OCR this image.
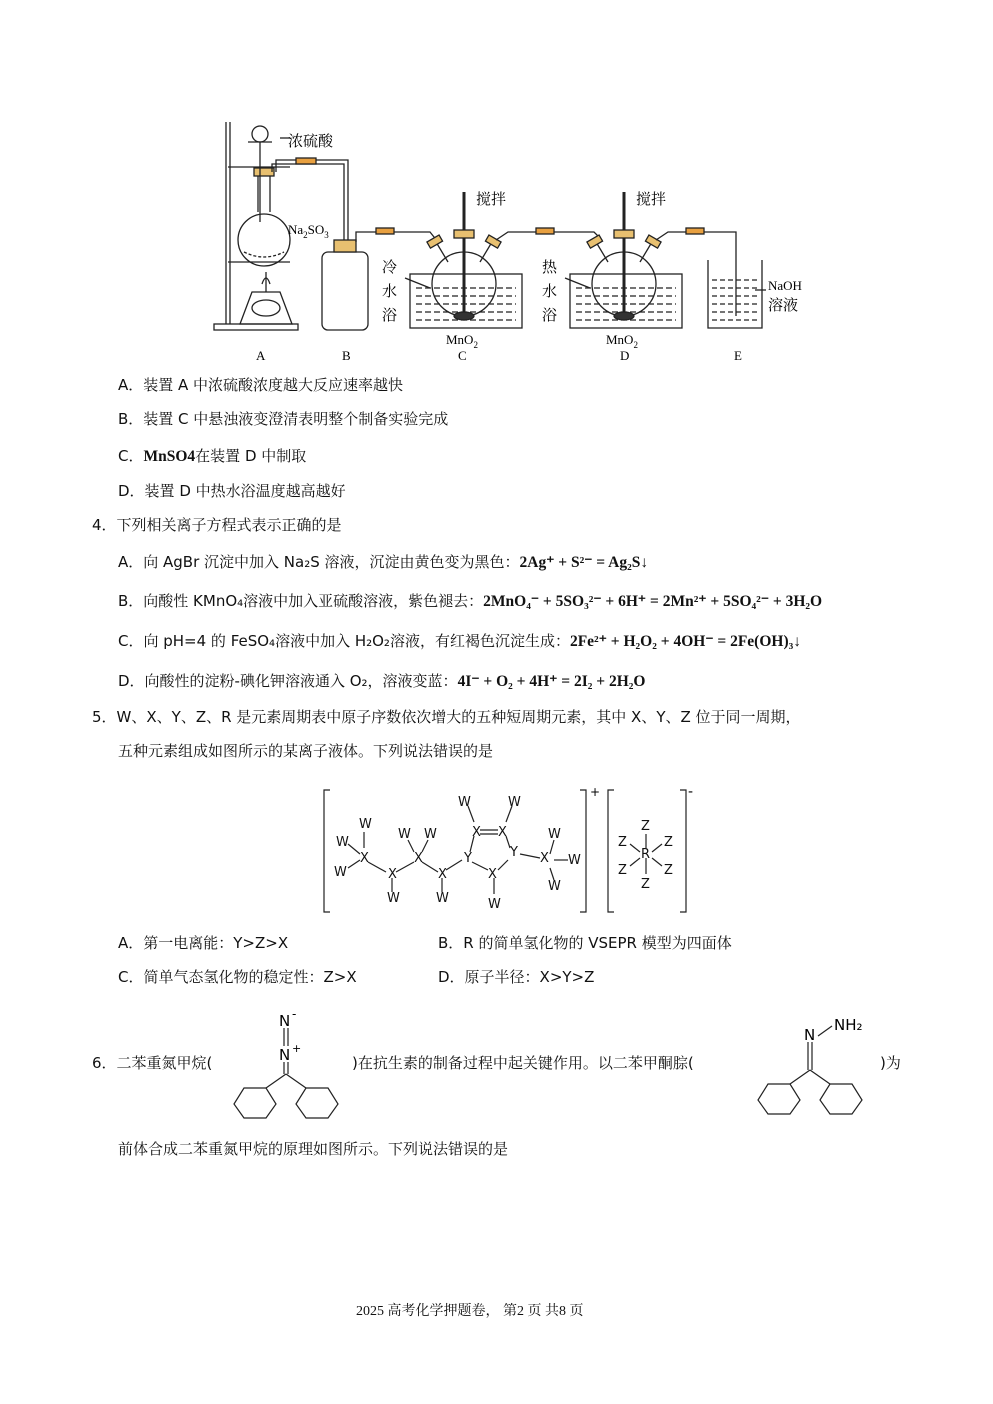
浓硫酸
$Na_2SO_3$
搅拌	搅拌
冷
水
浴
热
水
浴
MnO$_2$	MnO$_2$
NaOH
溶液
A	B	C	D	E
A．装置 A 中浓硫酸浓度越大反应速率越快
B．装置 C 中悬浊液变澄清表明整个制备实验完成
C．MnSO4在装置 D 中制取
D．装置 D 中热水浴温度越高越好
4．下列相关离子方程式表示正确的是
A．向 AgBr 沉淀中加入 Na₂S 溶液，沉淀由黄色变为黑色：2Ag⁺ + S²⁻ = Ag₂S↓
B．向酸性 KMnO₄溶液中加入亚硫酸溶液，紫色褪去：2MnO₄⁻ + 5SO₃²⁻ + 6H⁺ = 2Mn²⁺ + 5SO₄²⁻ + 3H₂O
C．向 pH=4 的 FeSO₄溶液中加入 H₂O₂溶液，有红褐色沉淀生成：2Fe²⁺ + H₂O₂ + 4OH⁻ = 2Fe(OH)₃↓
D．向酸性的淀粉-碘化钾溶液通入 O₂，溶液变蓝：4I⁻ + O₂ + 4H⁺ = 2I₂ + 2H₂O
5．W、X、Y、Z、R 是元素周期表中原子序数依次增大的五种短周期元素，其中 X、Y、Z 位于同一周期，
五种元素组成如图所示的某离子液体。下列说法错误的是
W
W
W
X
X
W
W W
X
X
W
Y
X X
W	W
Y
X
W
X
W
W
W
Z
Z	Z
R
Z	Z
Z
+	-
A．第一电离能：Y>Z>X	B．R 的简单氢化物的 VSEPR 模型为四面体
C．简单气态氢化物的稳定性：Z>X	D．原子半径：X>Y>Z
6．二苯重氮甲烷(
N -
N +
)在抗生素的制备过程中起关键作用。以二苯甲酮腙(
N
NH₂
)为
前体合成二苯重氮甲烷的原理如图所示。下列说法错误的是
2025 高考化学押题卷， 第2 页 共8 页
